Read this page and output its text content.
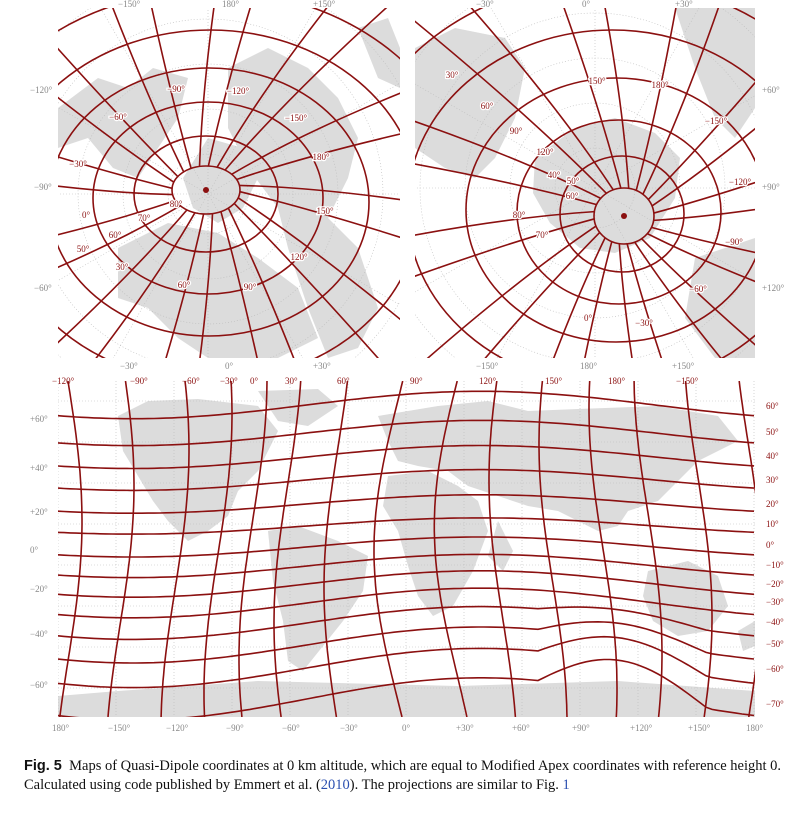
−90°	−120°
−150°
180°
150°
120°
90°
60°
30°
0°
−30°
−60°
80°
70°
60°
50°
30°
60°
90°
120°
150°	180°
−150°
−120°
−90°
−60°
−30°
0°
40°
50°
60°
70°
80°
−150°	180°	+150°
−120°
−90°
−60°
−30°	0°	+30°
−30°	0°	+30°
+60°
+90°
+120°
−150°	180°	+150°
+60°
+40°
+20°
0°
−20°
−40°
−60°
180°	−150°	−120°	−90°	−60°	−30°	0°	+30°	+60°	+90°	+120°	+150°	180°
−120°	−90°	−60° −30° 0°	30°	60°	90°	120°	150°	180°	−150°
60°
50°
40°
30°
20°
10°
0°
−10°
−20°
−30°
−40°
−50°
−60°
−70°
Fig. 5 Maps of Quasi-Dipole coordinates at 0 km altitude, which are equal to Modified Apex coordinates with reference height 0. Calculated using code published by Emmert et al. (2010). The projections are similar to Fig. 1
